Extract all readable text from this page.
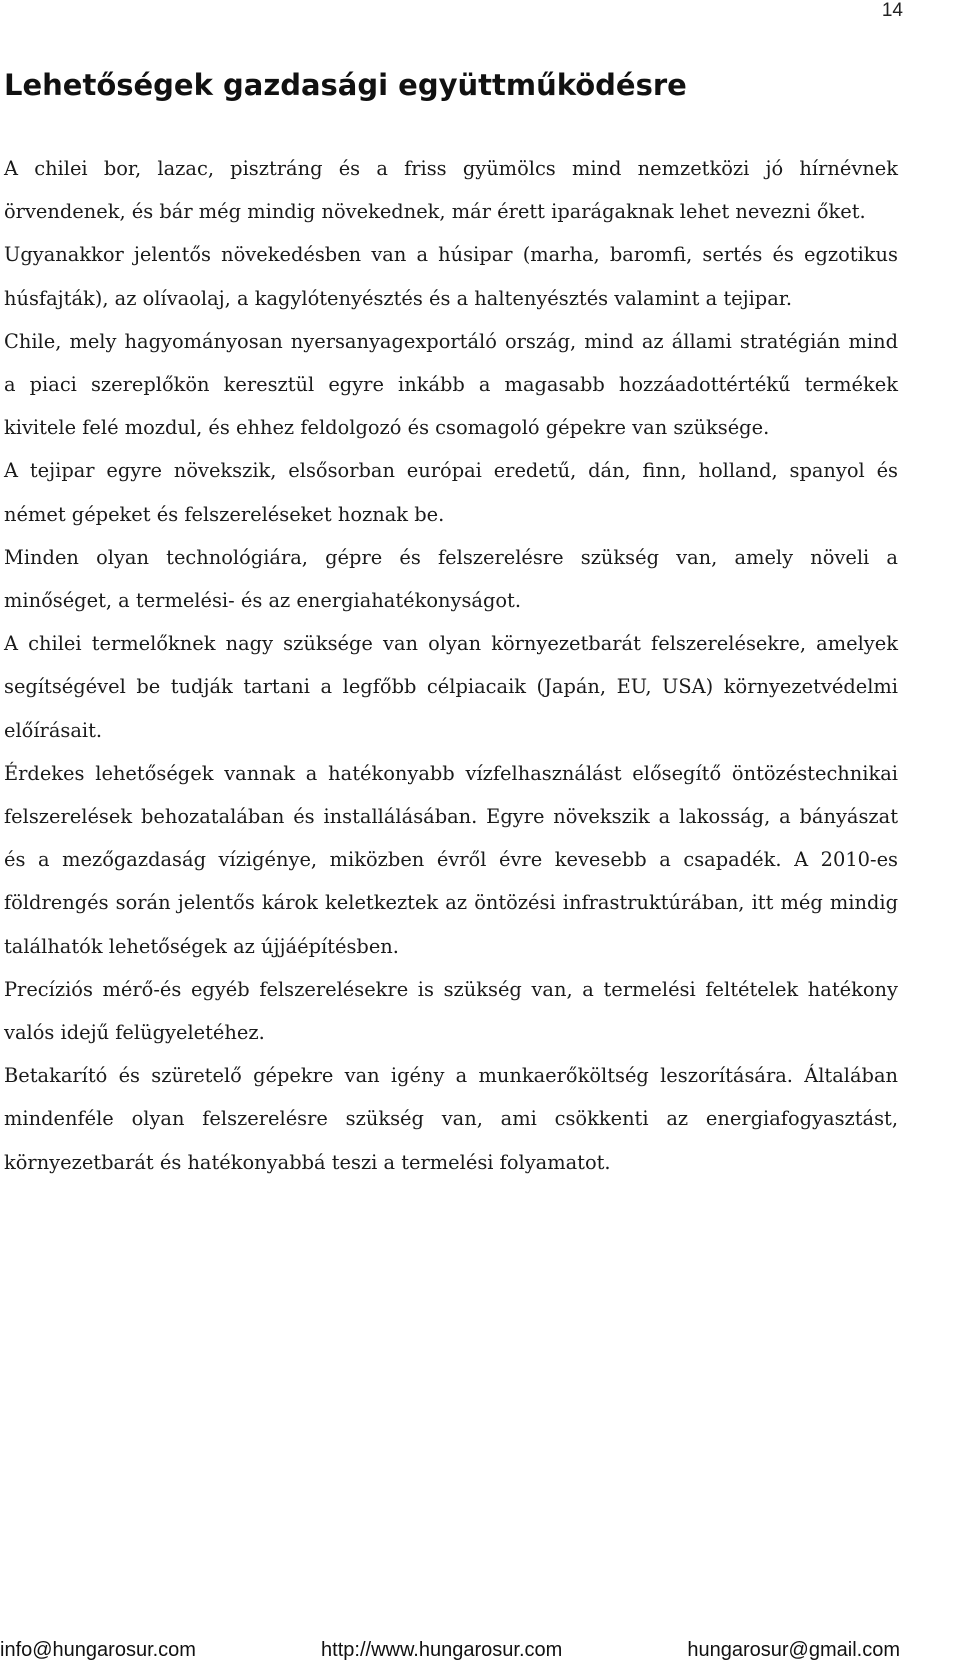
14
Lehetőségek gazdasági együttműködésre

A chilei bor, lazac, pisztráng és a friss gyümölcs mind nemzetközi jó hírnévnek örvendenek, és bár még mindig növekednek, már érett iparágaknak lehet nevezni őket.

Ugyanakkor jelentős növekedésben van a húsipar (marha, baromfi, sertés és egzotikus húsfajták), az olívaolaj, a kagylótenyésztés és a haltenyésztés valamint a tejipar.

Chile, mely hagyományosan nyersanyagexportáló ország, mind az állami stratégián mind a piaci szereplőkön keresztül egyre inkább a magasabb hozzáadottértékű termékek kivitele felé mozdul, és ehhez feldolgozó és csomagoló gépekre van szüksége.

A tejipar egyre növekszik, elsősorban európai eredetű, dán, finn, holland, spanyol és német gépeket és felszereléseket hoznak be.

Minden olyan technológiára, gépre és felszerelésre szükség van, amely növeli a minőséget, a termelési- és az energiahatékonyságot.

A chilei termelőknek nagy szüksége van olyan környezetbarát felszerelésekre, amelyek segítségével be tudják tartani a legfőbb célpiacaik (Japán, EU, USA) környezetvédelmi előírásait.

Érdekes lehetőségek vannak a hatékonyabb vízfelhasználást elősegítő öntözéstechnikai felszerelések behozatalában és installálásában. Egyre növekszik a lakosság, a bányászat és a mezőgazdaság vízigénye, miközben évről évre kevesebb a csapadék. A 2010-es földrengés során jelentős károk keletkeztek az öntözési infrastruktúrában, itt még mindig találhatók lehetőségek az újjáépítésben.

Precíziós mérő-és egyéb felszerelésekre is szükség van, a termelési feltételek hatékony valós idejű felügyeletéhez.

Betakarító és szüretelő gépekre van igény a munkaerőköltség leszorítására. Általában mindenféle olyan felszerelésre szükség van, ami csökkenti az energiafogyasztást, környezetbarát és hatékonyabbá teszi a termelési folyamatot.

info@hungarosur.com	http://www.hungarosur.com	hungarosur@gmail.com
